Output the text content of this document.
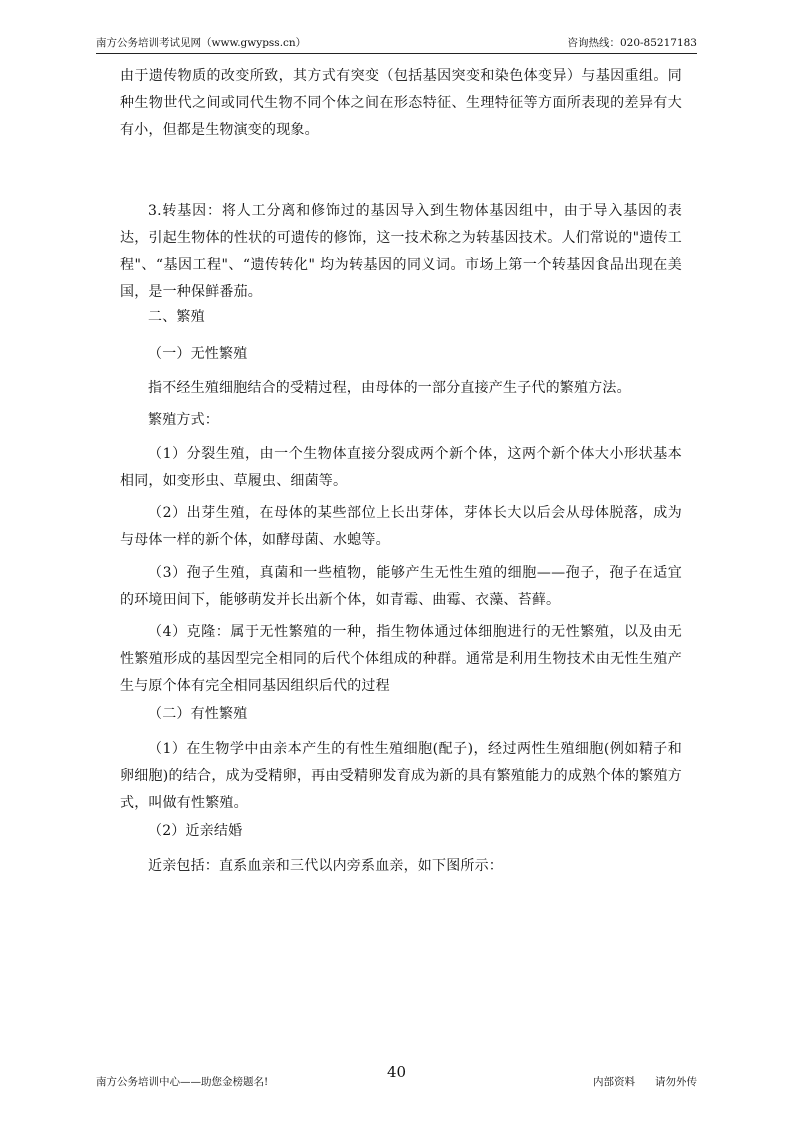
南方公务培训考试见网（www.gwypss.cn）	咨询热线：020-85217183

由于遗传物质的改变所致，其方式有突变（包括基因突变和染色体变异）与基因重组。同种生物世代之间或同代生物不同个体之间在形态特征、生理特征等方面所表现的差异有大有小，但都是生物演变的现象。

3.转基因：将人工分离和修饰过的基因导入到生物体基因组中，由于导入基因的表达，引起生物体的性状的可遗传的修饰，这一技术称之为转基因技术。人们常说的"遗传工程"、“基因工程"、“遗传转化" 均为转基因的同义词。市场上第一个转基因食品出现在美国，是一种保鲜番茄。

二、繁殖

（一）无性繁殖

指不经生殖细胞结合的受精过程，由母体的一部分直接产生子代的繁殖方法。

繁殖方式：

（1）分裂生殖，由一个生物体直接分裂成两个新个体，这两个新个体大小形状基本相同，如变形虫、草履虫、细菌等。

（2）出芽生殖，在母体的某些部位上长出芽体，芽体长大以后会从母体脱落，成为与母体一样的新个体，如酵母菌、水螅等。

（3）孢子生殖，真菌和一些植物，能够产生无性生殖的细胞——孢子，孢子在适宜的环境田间下，能够萌发并长出新个体，如青霉、曲霉、衣藻、苔藓。

（4）克隆：属于无性繁殖的一种，指生物体通过体细胞进行的无性繁殖，以及由无性繁殖形成的基因型完全相同的后代个体组成的种群。通常是利用生物技术由无性生殖产生与原个体有完全相同基因组织后代的过程

（二）有性繁殖

（1）在生物学中由亲本产生的有性生殖细胞(配子)，经过两性生殖细胞(例如精子和卵细胞)的结合，成为受精卵，再由受精卵发育成为新的具有繁殖能力的成熟个体的繁殖方式，叫做有性繁殖。

（2）近亲结婚

近亲包括：直系血亲和三代以内旁系血亲，如下图所示：

南方公务培训中心——助您金榜题名!
40
内部资料 请勿外传
